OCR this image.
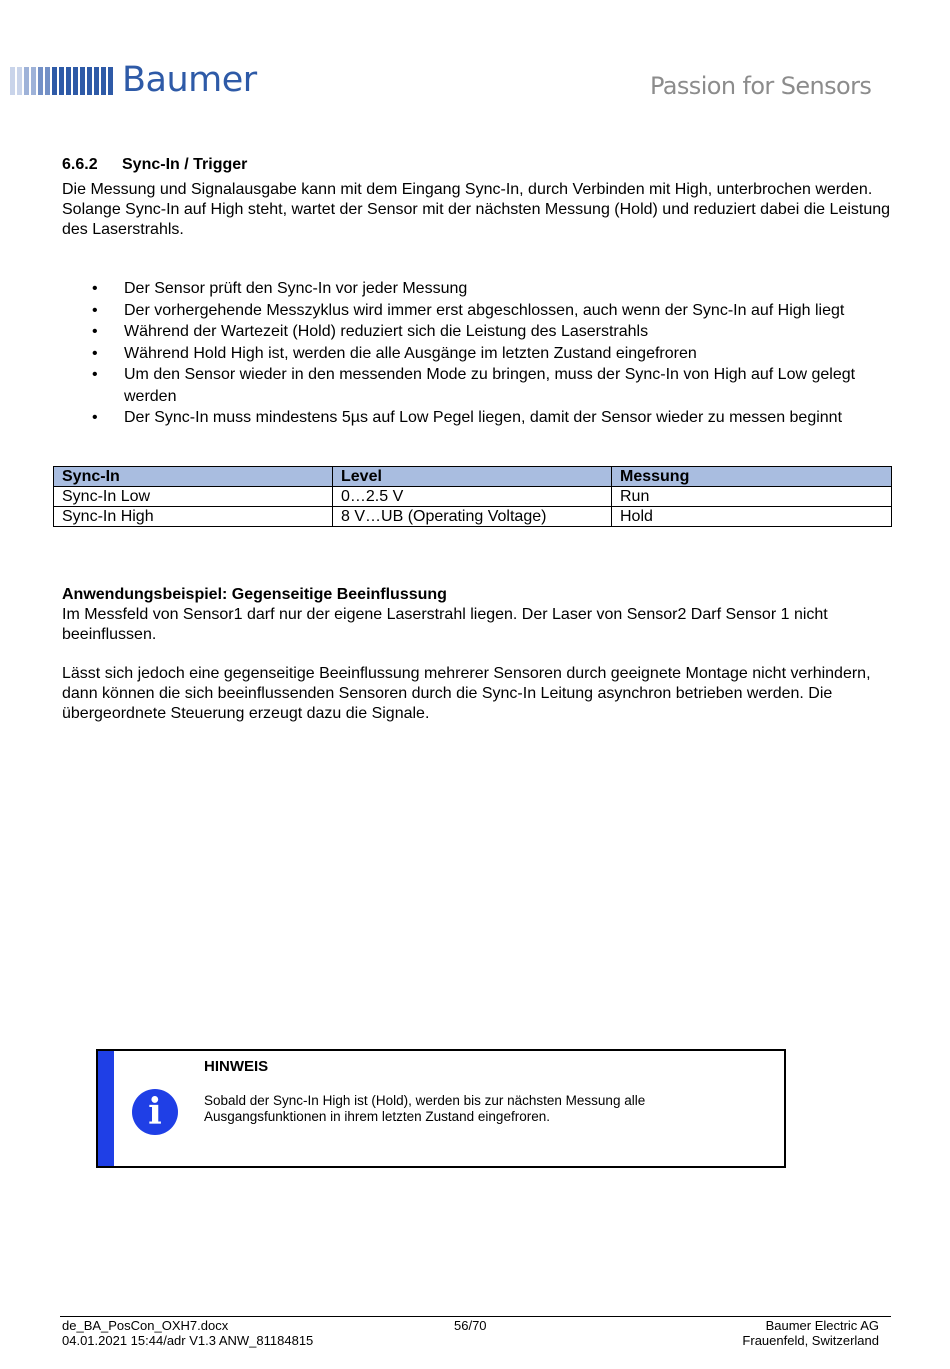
Baumer	Passion for Sensors
6.6.2 Sync-In / Trigger
Die Messung und Signalausgabe kann mit dem Eingang Sync-In, durch Verbinden mit High, unterbrochen werden. Solange Sync-In auf High steht, wartet der Sensor mit der nächsten Messung (Hold) und reduziert dabei die Leistung des Laserstrahls.
• Der Sensor prüft den Sync-In vor jeder Messung
• Der vorhergehende Messzyklus wird immer erst abgeschlossen, auch wenn der Sync-In auf High liegt
• Während der Wartezeit (Hold) reduziert sich die Leistung des Laserstrahls
• Während Hold High ist, werden die alle Ausgänge im letzten Zustand eingefroren
• Um den Sensor wieder in den messenden Mode zu bringen, muss der Sync-In von High auf Low gelegt werden
• Der Sync-In muss mindestens 5µs auf Low Pegel liegen, damit der Sensor wieder zu messen beginnt
Sync-In	Level	Messung
Sync-In Low	0…2.5 V	Run
Sync-In High	8 V…UB (Operating Voltage)	Hold
Anwendungsbeispiel: Gegenseitige Beeinflussung
Im Messfeld von Sensor1 darf nur der eigene Laserstrahl liegen. Der Laser von Sensor2 Darf Sensor 1 nicht beeinflussen.
Lässt sich jedoch eine gegenseitige Beeinflussung mehrerer Sensoren durch geeignete Montage nicht verhindern, dann können die sich beeinflussenden Sensoren durch die Sync-In Leitung asynchron betrieben werden. Die übergeordnete Steuerung erzeugt dazu die Signale.
i
HINWEIS
Sobald der Sync-In High ist (Hold), werden bis zur nächsten Messung alle Ausgangsfunktionen in ihrem letzten Zustand eingefroren.
de_BA_PosCon_OXH7.docx
04.01.2021 15:44/adr V1.3 ANW_81184815
56/70	Baumer Electric AG
Frauenfeld, Switzerland
